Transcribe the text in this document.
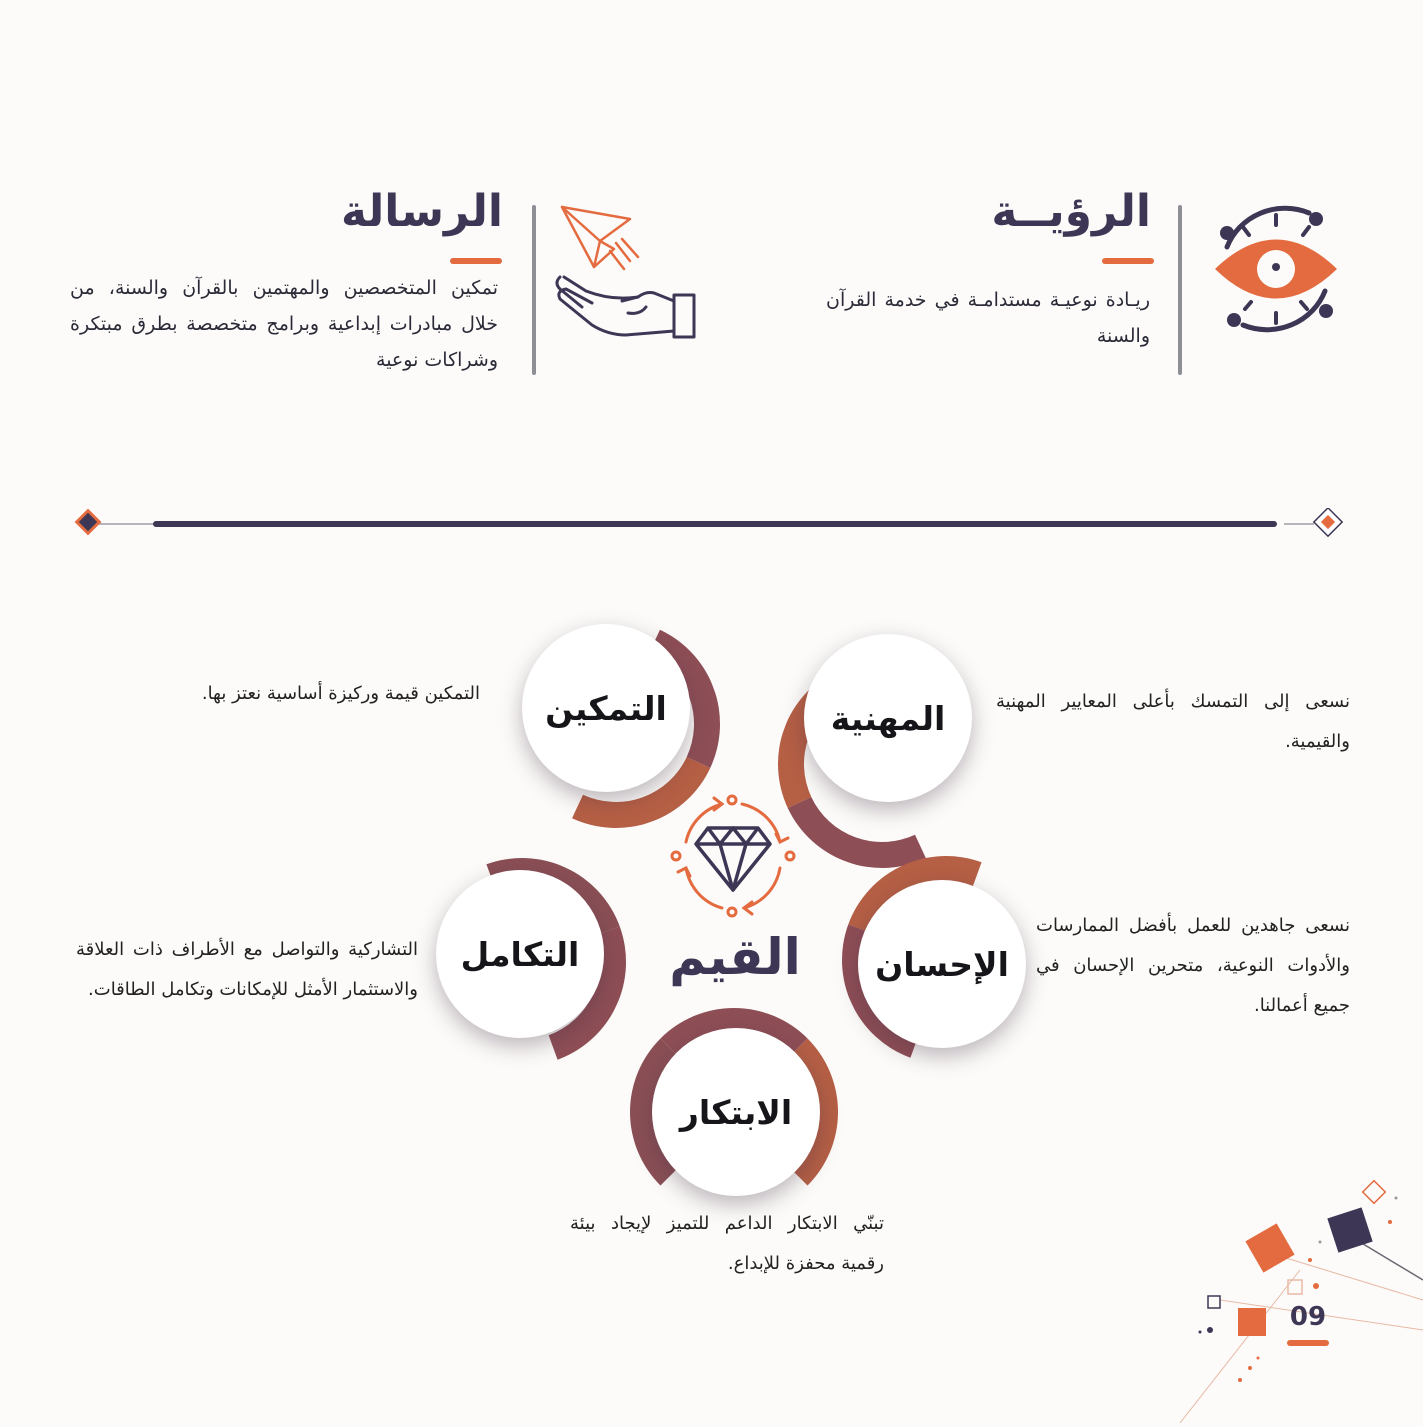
الرؤيــة
ريـادة نوعيـة مستدامـة في خدمة القرآن والسنة
الرسالة
تمكين المتخصصين والمهتمين بالقرآن والسنة، من خلال مبادرات إبداعية وبرامج متخصصة بطرق مبتكرة وشراكات نوعية
القيم
المهنية	نسعى إلى التمسك بأعلى المعايير المهنية والقيمية.
التمكين
التمكين قيمة وركيزة أساسية نعتز بها.
الإحسان
نسعى جاهدين للعمل بأفضل الممارسات والأدوات النوعية، متحرين الإحسان في جميع أعمالنا.
التكامل
التشاركية والتواصل مع الأطراف ذات العلاقة والاستثمار الأمثل للإمكانات وتكامل الطاقات.
الابتكار
تبنّي الابتكار الداعم للتميز لإيجاد بيئة رقمية محفزة للإبداع.
09
